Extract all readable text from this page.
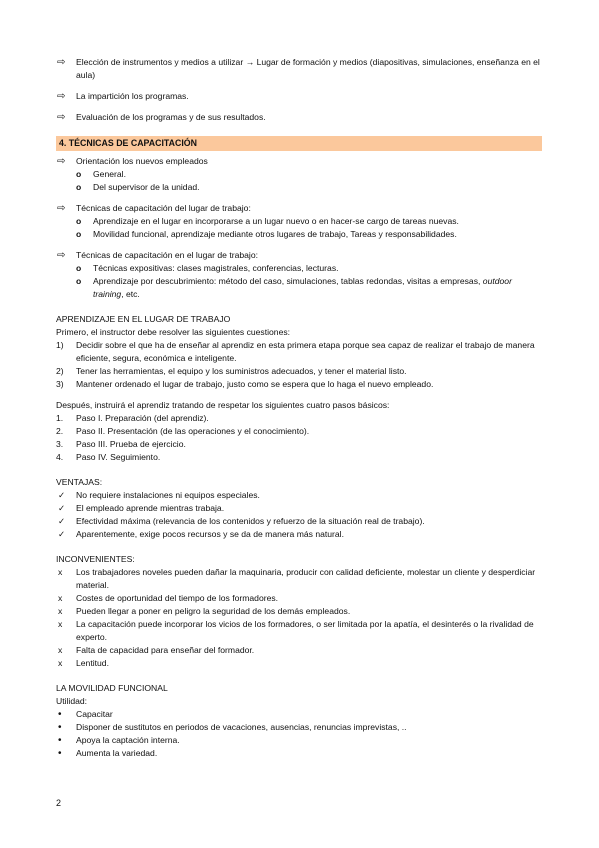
⇨ Elección de instrumentos y medios a utilizar → Lugar de formación y medios (diapositivas, simulaciones, enseñanza en el aula)
⇨ La impartición los programas.
⇨ Evaluación de los programas y de sus resultados.
4. TÉCNICAS DE CAPACITACIÓN
⇨ Orientación los nuevos empleados
o General.
o Del supervisor de la unidad.
⇨ Técnicas de capacitación del lugar de trabajo:
o Aprendizaje en el lugar en incorporarse a un lugar nuevo o en hacer-se cargo de tareas nuevas.
o Movilidad funcional, aprendizaje mediante otros lugares de trabajo, Tareas y responsabilidades.
⇨ Técnicas de capacitación en el lugar de trabajo:
o Técnicas expositivas: clases magistrales, conferencias, lecturas.
o Aprendizaje por descubrimiento: método del caso, simulaciones, tablas redondas, visitas a empresas, outdoor training, etc.
APRENDIZAJE EN EL LUGAR DE TRABAJO
Primero, el instructor debe resolver las siguientes cuestiones:
1) Decidir sobre el que ha de enseñar al aprendiz en esta primera etapa porque sea capaz de realizar el trabajo de manera eficiente, segura, económica e inteligente.
2) Tener las herramientas, el equipo y los suministros adecuados, y tener el material listo.
3) Mantener ordenado el lugar de trabajo, justo como se espera que lo haga el nuevo empleado.
Después, instruirá el aprendiz tratando de respetar los siguientes cuatro pasos básicos:
1. Paso I. Preparación (del aprendiz).
2. Paso II. Presentación (de las operaciones y el conocimiento).
3. Paso III. Prueba de ejercicio.
4. Paso IV. Seguimiento.
VENTAJAS:
✓ No requiere instalaciones ni equipos especiales.
✓ El empleado aprende mientras trabaja.
✓ Efectividad máxima (relevancia de los contenidos y refuerzo de la situación real de trabajo).
✓ Aparentemente, exige pocos recursos y se da de manera más natural.
INCONVENIENTES:
x Los trabajadores noveles pueden dañar la maquinaria, producir con calidad deficiente, molestar un cliente y desperdiciar material.
x Costes de oportunidad del tiempo de los formadores.
x Pueden llegar a poner en peligro la seguridad de los demás empleados.
x La capacitación puede incorporar los vicios de los formadores, o ser limitada por la apatía, el desinterés o la rivalidad de experto.
x Falta de capacidad para enseñar del formador.
x Lentitud.
LA MOVILIDAD FUNCIONAL
Utilidad:
• Capacitar
• Disponer de sustitutos en periodos de vacaciones, ausencias, renuncias imprevistas, ..
• Apoya la captación interna.
• Aumenta la variedad.
2
